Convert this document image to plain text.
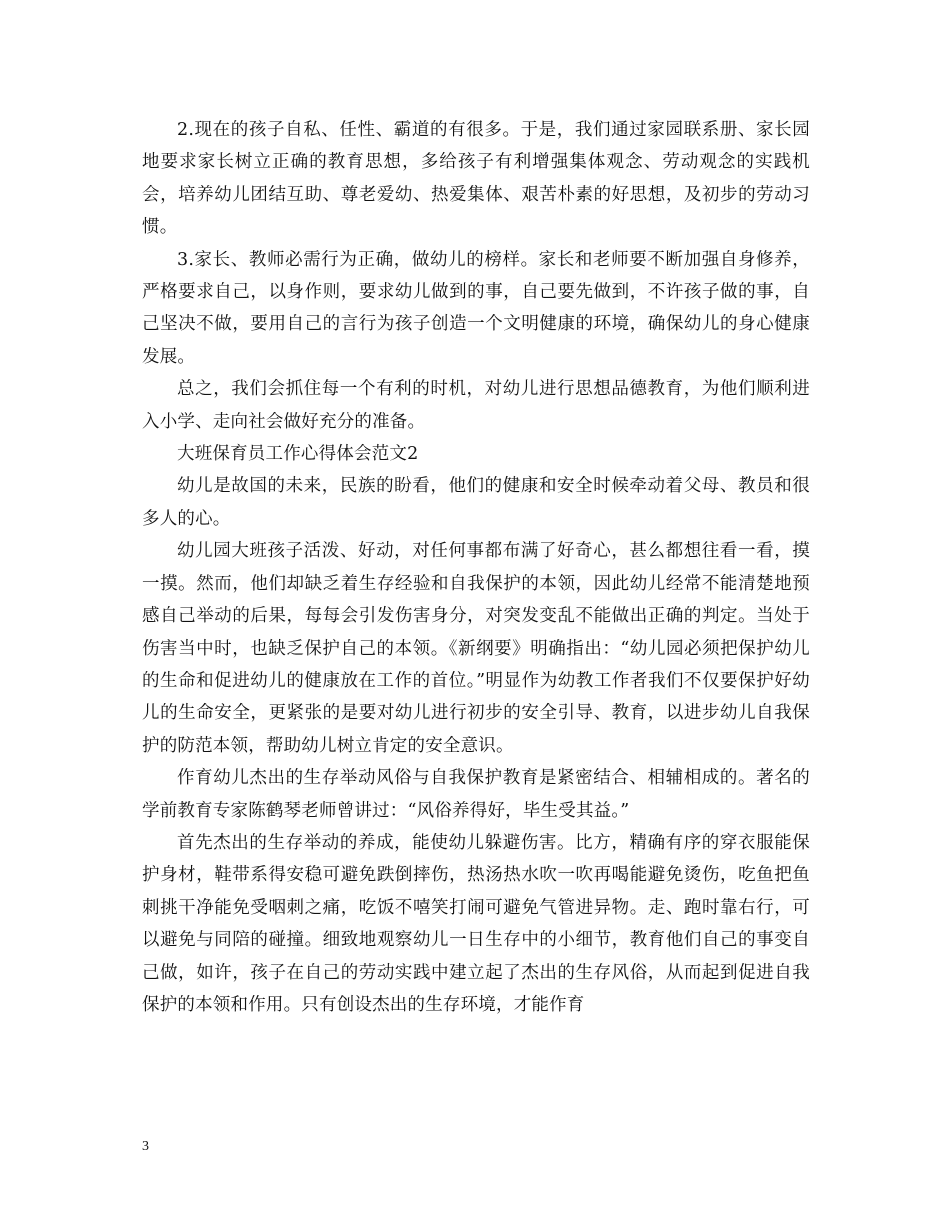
2.现在的孩子自私、任性、霸道的有很多。于是，我们通过家园联系册、家长园地要求家长树立正确的教育思想，多给孩子有利增强集体观念、劳动观念的实践机会，培养幼儿团结互助、尊老爱幼、热爱集体、艰苦朴素的好思想，及初步的劳动习惯。

3.家长、教师必需行为正确，做幼儿的榜样。家长和老师要不断加强自身修养，严格要求自己，以身作则，要求幼儿做到的事，自己要先做到，不许孩子做的事，自己坚决不做，要用自己的言行为孩子创造一个文明健康的环境，确保幼儿的身心健康发展。

总之，我们会抓住每一个有利的时机，对幼儿进行思想品德教育，为他们顺利进入小学、走向社会做好充分的准备。

大班保育员工作心得体会范文2

幼儿是故国的未来，民族的盼看，他们的健康和安全时候牵动着父母、教员和很多人的心。

幼儿园大班孩子活泼、好动，对任何事都布满了好奇心，甚么都想往看一看，摸一摸。然而，他们却缺乏着生存经验和自我保护的本领，因此幼儿经常不能清楚地预感自己举动的后果，每每会引发伤害身分，对突发变乱不能做出正确的判定。当处于伤害当中时，也缺乏保护自己的本领。《新纲要》明确指出：“幼儿园必须把保护幼儿的生命和促进幼儿的健康放在工作的首位。”明显作为幼教工作者我们不仅要保护好幼儿的生命安全，更紧张的是要对幼儿进行初步的安全引导、教育，以进步幼儿自我保护的防范本领，帮助幼儿树立肯定的安全意识。

作育幼儿杰出的生存举动风俗与自我保护教育是紧密结合、相辅相成的。著名的学前教育专家陈鹤琴老师曾讲过：“风俗养得好，毕生受其益。”

首先杰出的生存举动的养成，能使幼儿躲避伤害。比方，精确有序的穿衣服能保护身材，鞋带系得安稳可避免跌倒摔伤，热汤热水吹一吹再喝能避免烫伤，吃鱼把鱼刺挑干净能免受咽刺之痛，吃饭不嘻笑打闹可避免气管进异物。走、跑时靠右行，可以避免与同陪的碰撞。细致地观察幼儿一日生存中的小细节，教育他们自己的事变自己做，如许，孩子在自己的劳动实践中建立起了杰出的生存风俗，从而起到促进自我保护的本领和作用。只有创设杰出的生存环境，才能作育

3
